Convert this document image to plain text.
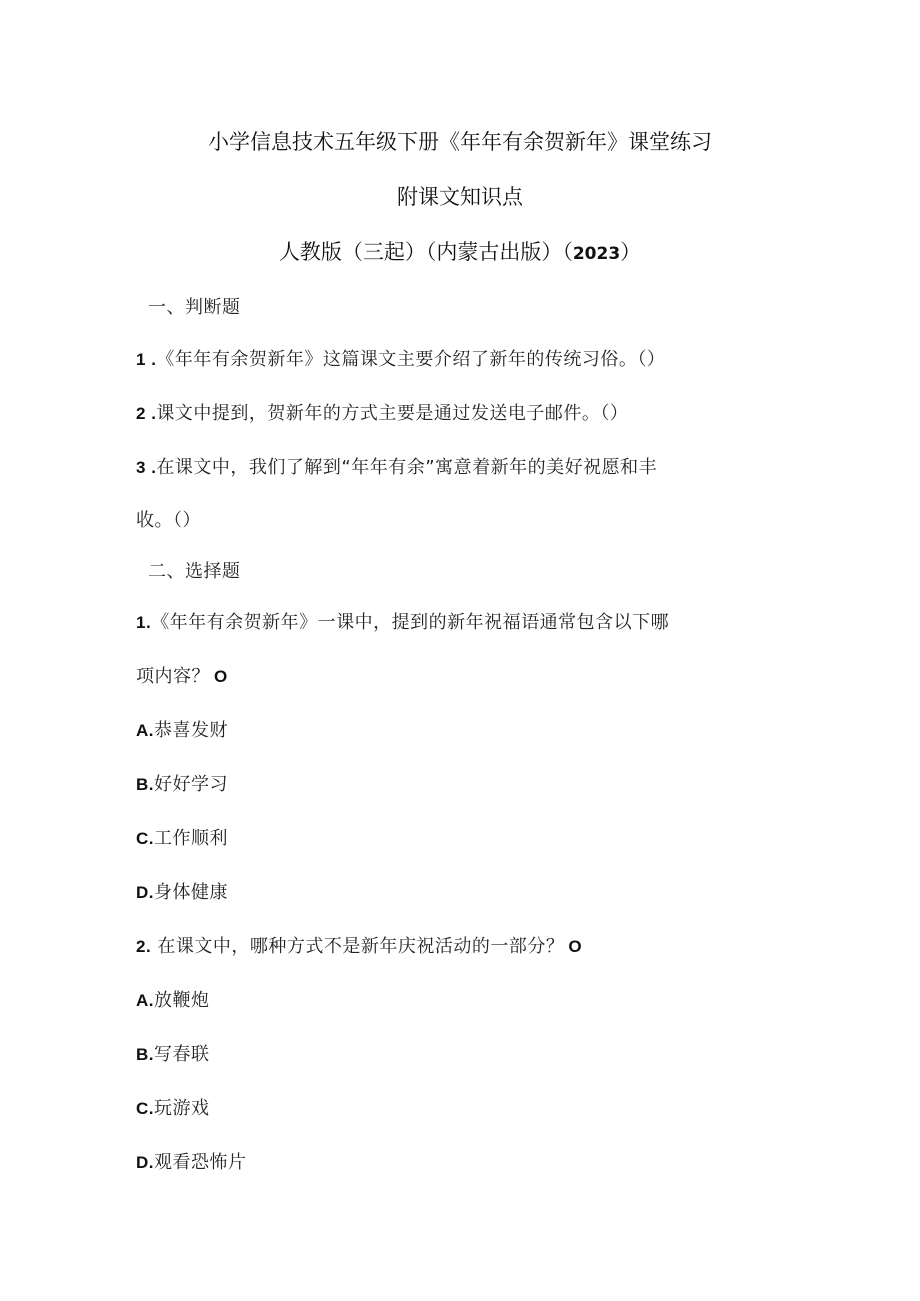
小学信息技术五年级下册《年年有余贺新年》课堂练习
附课文知识点
人教版（三起）（内蒙古出版）（2023）
一、判断题
1 .《年年有余贺新年》这篇课文主要介绍了新年的传统习俗。（）
2 .课文中提到，贺新年的方式主要是通过发送电子邮件。（）
3 .在课文中，我们了解到“年年有余”寓意着新年的美好祝愿和丰
收。（）
二、选择题
1.《年年有余贺新年》一课中，提到的新年祝福语通常包含以下哪
项内容？ O
A.恭喜发财
B.好好学习
C.工作顺利
D.身体健康
2. 在课文中，哪种方式不是新年庆祝活动的一部分？ O
A.放鞭炮
B.写春联
C.玩游戏
D.观看恐怖片
